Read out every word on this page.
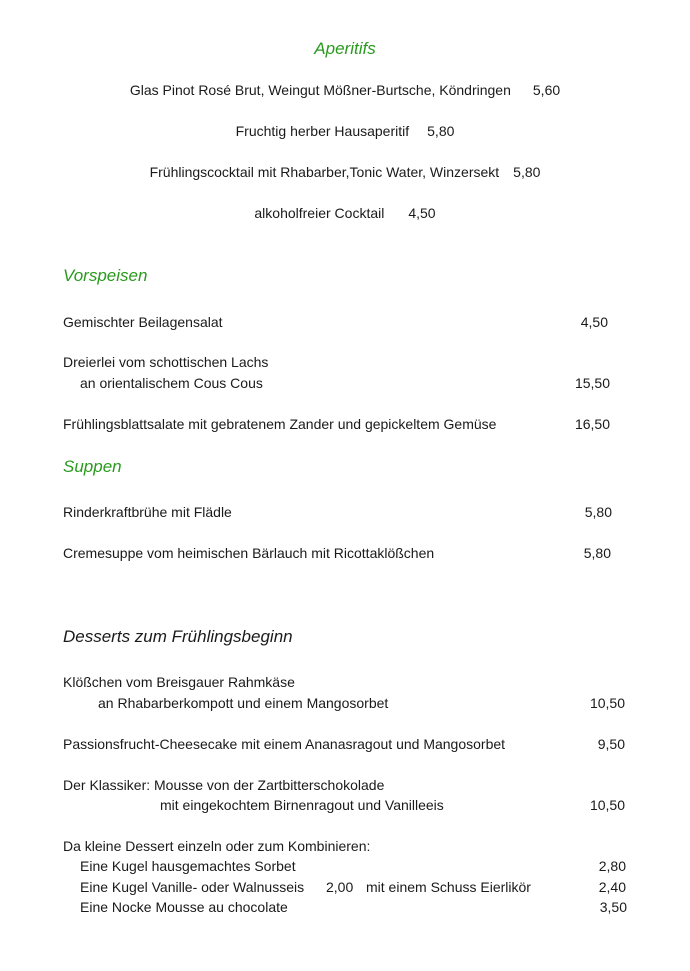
Aperitifs
Glas Pinot Rosé Brut, Weingut Mößner-Burtsche, Köndringen 5,60
Fruchtig herber Hausaperitif 5,80
Frühlingscocktail mit Rhabarber,Tonic Water, Winzersekt 5,80
alkoholfreier Cocktail 4,50
Vorspeisen
Gemischter Beilagensalat	4,50
Dreierlei vom schottischen Lachs
an orientalischem Cous Cous	15,50
Frühlingsblattsalate mit gebratenem Zander und gepickeltem Gemüse	16,50
Suppen
Rinderkraftbrühe mit Flädle	5,80
Cremesuppe vom heimischen Bärlauch mit Ricottaklößchen	5,80
Desserts zum Frühlingsbeginn
Klößchen vom Breisgauer Rahmkäse
an Rhabarberkompott und einem Mangosorbet	10,50
Passionsfrucht-Cheesecake mit einem Ananasragout und Mangosorbet	9,50
Der Klassiker: Mousse von der Zartbitterschokolade
mit eingekochtem Birnenragout und Vanilleeis	10,50
Da kleine Dessert einzeln oder zum Kombinieren:
Eine Kugel hausgemachtes Sorbet	2,80
Eine Kugel Vanille- oder Walnusseis 2,00 mit einem Schuss Eierlikör	2,40
Eine Nocke Mousse au chocolate	3,50
